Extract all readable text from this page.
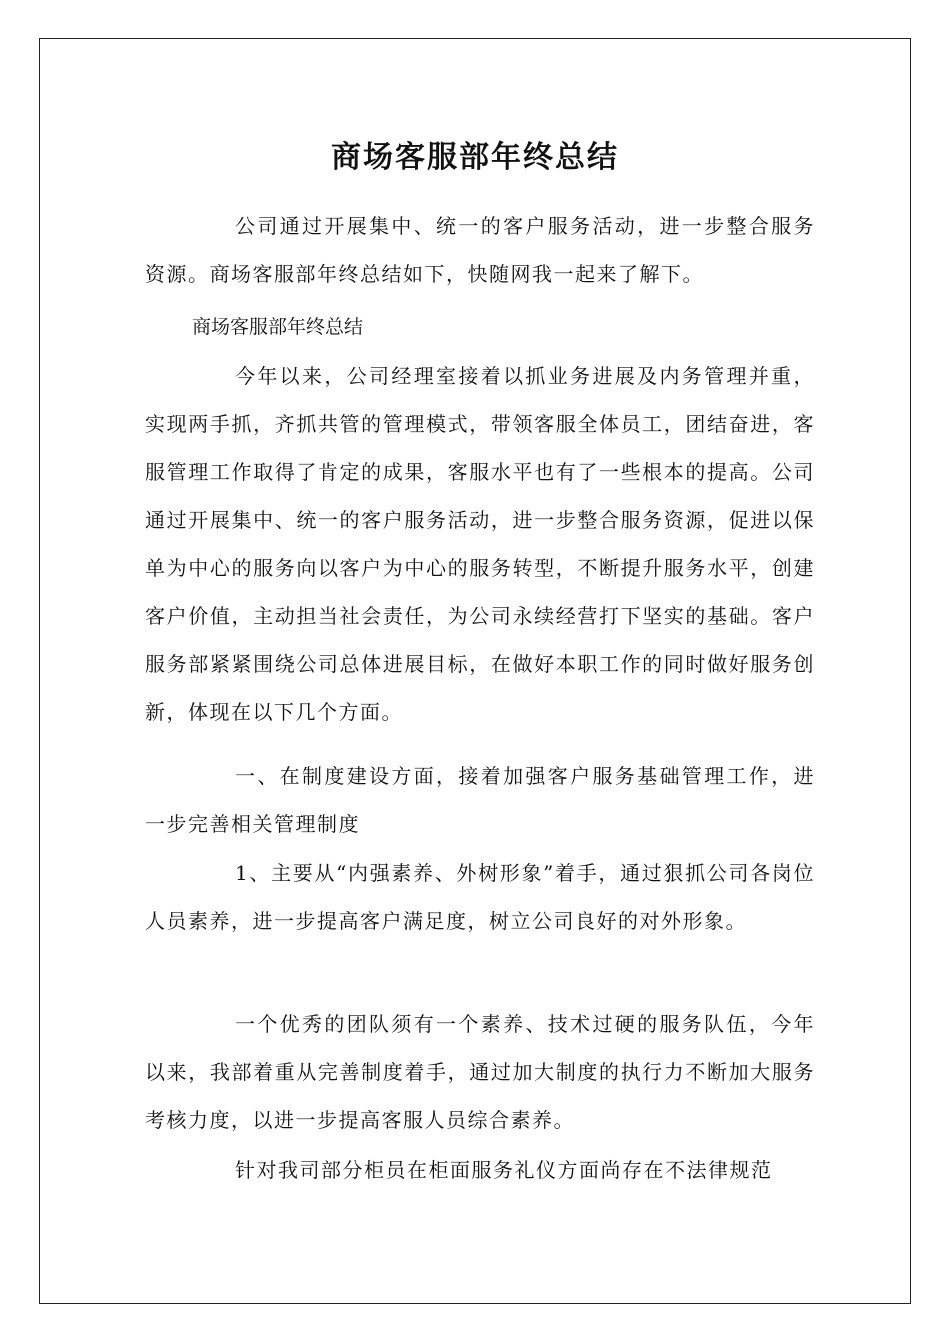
商场客服部年终总结

公司通过开展集中、统一的客户服务活动，进一步整合服务资源。商场客服部年终总结如下，快随网我一起来了解下。

商场客服部年终总结

今年以来，公司经理室接着以抓业务进展及内务管理并重，实现两手抓，齐抓共管的管理模式，带领客服全体员工，团结奋进，客服管理工作取得了肯定的成果，客服水平也有了一些根本的提高。公司通过开展集中、统一的客户服务活动，进一步整合服务资源，促进以保单为中心的服务向以客户为中心的服务转型，不断提升服务水平，创建客户价值，主动担当社会责任，为公司永续经营打下坚实的基础。客户服务部紧紧围绕公司总体进展目标，在做好本职工作的同时做好服务创新，体现在以下几个方面。

一、在制度建设方面，接着加强客户服务基础管理工作，进一步完善相关管理制度

1、主要从“内强素养、外树形象”着手，通过狠抓公司各岗位人员素养，进一步提高客户满足度，树立公司良好的对外形象。

一个优秀的团队须有一个素养、技术过硬的服务队伍，今年以来，我部着重从完善制度着手，通过加大制度的执行力不断加大服务考核力度，以进一步提高客服人员综合素养。

针对我司部分柜员在柜面服务礼仪方面尚存在不法律规范
